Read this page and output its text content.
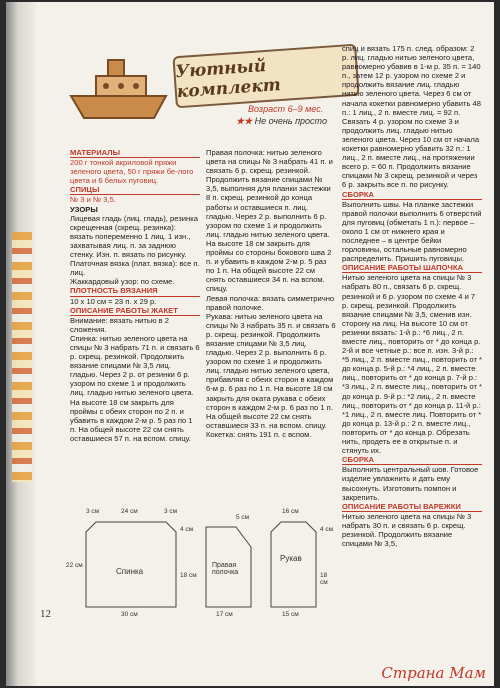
12
Уютный комплект
Возраст 6–9 мес.
★★ Не очень просто

МАТЕРИАЛЫ

200 г тонкой акриловой пряжи зеленого цвета, 50 г пряжи бе-лого цвета и 6 белых пуговиц.

СПИЦЫ

№ 3 и № 3,5.

УЗОРЫ

Лицевая гладь (лиц. гладь), резинка скрещенная (скрещ. резинка): вязать попеременно 1 лиц. 1 изн., захватывая лиц. п. за заднюю стенку. Изн. п. вязать по рисунку.

Платочная вязка (плат. вязка): все п. лиц.

Жаккардовый узор: по схеме.

ПЛОТНОСТЬ ВЯЗАНИЯ

10 х 10 см = 23 п. х 29 р.

ОПИСАНИЕ РАБОТЫ ЖАКЕТ

Внимание: вязать нитью в 2 сложения.

Спинка: нитью зеленого цвета на спицы № 3 набрать 71 п. и связать 6 р. скрещ. резинкой. Продолжить вязание спицами № 3,5 лиц. гладью. Через 2 р. от резинки 6 р. узором по схеме 1 и продолжить лиц. гладью нитью зеленого цвета. На высоте 18 см закрыть для проймы с обеих сторон по 2 п. и убавить в каждом 2-м р. 5 раз по 1 п. На общей высоте 22 см снять оставшиеся 57 п. на вспом. спицу.

Правая полочка: нитью зеленого цвета на спицы № 3 набрать 41 п. и связать 6 р. скрещ. резинкой. Продолжить вязание спицами № 3,5, выполняя для планки застежки 8 п. скрещ. резинкой до конца работы и оставшиеся п. лиц. гладью. Через 2 р. выполнить 6 р. узором по схеме 1 и продолжить лиц. гладью нитью зеленого цвета. На высоте 18 см закрыть для проймы со стороны бокового шва 2 п. и убавить в каждом 2-м р. 5 раз по 1 п. На общей высоте 22 см снять оставшиеся 34 п. на вспом. спицу.

Левая полочка: вязать симметрично правой полочке.

Рукава: нитью зеленого цвета на спицы № 3 набрать 35 п. и связать 6 р. скрещ. резинкой. Продолжить вязание спицами № 3,5 лиц. гладью. Через 2 р. выполнить 6 р. узором по схеме 1 и продолжить лиц. гладью нитью зеленого цвета, прибавляя с обеих сторон в каждом 6-м р. 6 раз по 1 п. На высоте 18 см закрыть для оката рукава с обеих сторон в каждом 2-м р. 6 раз по 1 п. На общей высоте 22 см снять оставшиеся 33 п. на вспом. спицу.

Кокетка: снять 191 п. с вспом.

спиц и вязать 175 п. след. образом: 2 р. лиц. гладью нитью зеленого цвета, равномерно убавив в 1-м р. 35 п. = 140 п., затем 12 р. узором по схеме 2 и продолжить вязание лиц. гладью нитью зеленого цвета. Через 6 см от начала кокетки равномерно убавить 48 п.: 1 лиц., 2 п. вместе лиц. = 92 п. Связать 4 р. узором по схеме 3 и продолжить лиц. гладью нитью зеленого цвета. Через 10 см от начала кокетки равномерно убавить 32 п.: 1 лиц., 2 п. вместе лиц., на протяжении всего р. = 60 п. Продолжить вязание спицами № 3 скрещ. резинкой и через 6 р. закрыть все п. по рисунку.

СБОРКА

Выполнить швы. На планке застежки правой полочки выполнить 6 отверстий для пуговиц (обметать 1 п.): первое – около 1 см от нижнего края и последнее – в центре бейки горловины, остальные равномерно распределить. Пришить пуговицы.

ОПИСАНИЕ РАБОТЫ ШАПОЧКА

Нитью зеленого цвета на спицы № 3 набрать 80 п., связать 6 р. скрещ. резинкой и 6 р. узором по схеме 4 и 7 р. скрещ. резинкой. Продолжить вязание спицами № 3,5, сменив изн. сторону на лиц. На высоте 10 см от резинки вязать: 1-й р.: *6 лиц., 2 п. вместе лиц., повторить от * до конца р. 2-й и все четные р.: все п. изн. 3-й р.: *5 лиц., 2 п. вместе лиц., повторить от * до конца р. 5-й р.: *4 лиц., 2 п. вместе лиц., повторить от * до конца р. 7-й р.: *3 лиц., 2 п. вместе лиц., повторить от * до конца р. 9-й р.: *2 лиц., 2 п. вместе лиц., повторить от * до конца р. 11-й р.: *1 лиц., 2 п. вместе лиц. Повторить от * до конца р. 13-й р.: 2 п. вместе лиц., повторить от * до конца р. Обрезать нить, продеть ее в открытые п. и стянуть их.

СБОРКА

Выполнить центральный шов. Готовое изделие увлажнить и дать ему высохнуть. Изготовить помпон и закрепить.

ОПИСАНИЕ РАБОТЫ ВАРЕЖКИ

Нитью зеленого цвета на спицы № 3 набрать 30 п. и связать 6 р. скрещ. резинкой. Продолжить вязание спицами № 3,5,

Спинка
Правая полочка
Рукав
3 см	24 см	3 см
4 см
18 см
22 см
30 см	17 см
5 см
16 см
15 см
4 см
18 см
Страна Мам
